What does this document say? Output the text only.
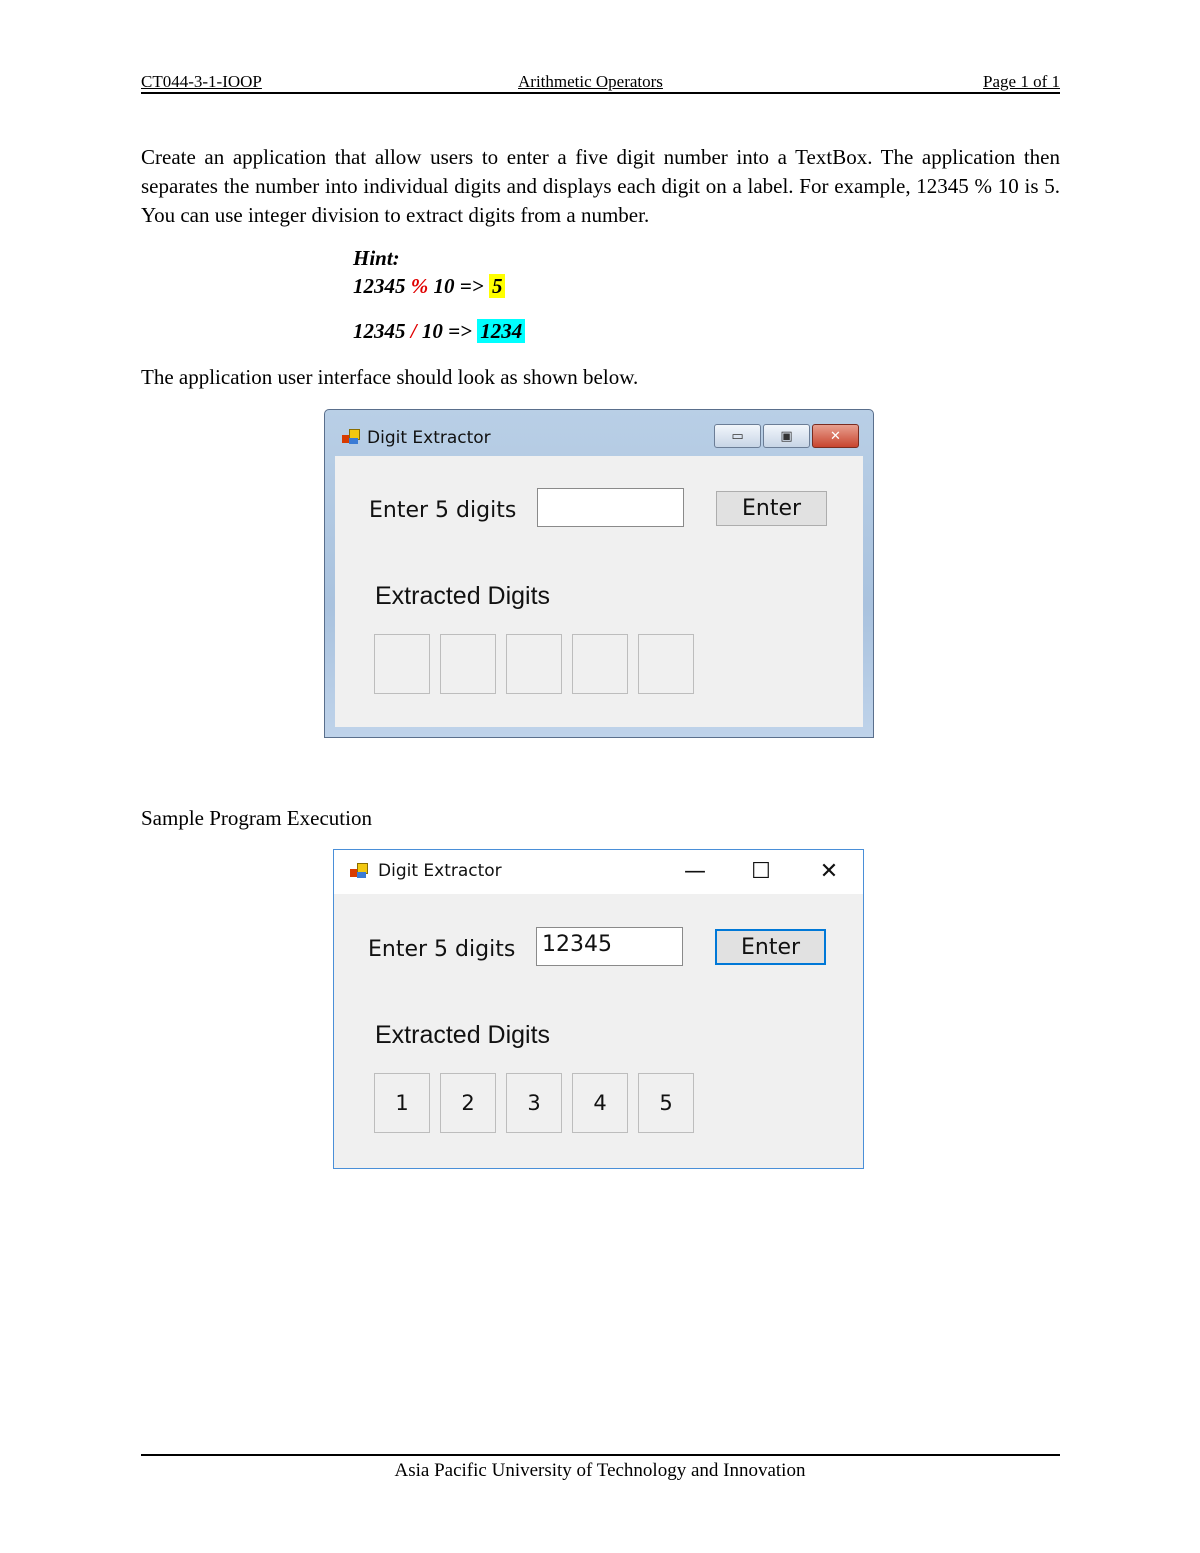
CT044-3-1-IOOP	Arithmetic Operators	Page 1 of 1
Create an application that allow users to enter a five digit number into a TextBox. The application then separates the number into individual digits and displays each digit on a label. For example, 12345 % 10 is 5. You can use integer division to extract digits from a number.
Hint:
12345 % 10 => 5
12345 / 10 => 1234
The application user interface should look as shown below.
Digit Extractor	▭	▣	✕
Enter 5 digits	Enter
Extracted Digits
Sample Program Execution
Digit Extractor	— ☐ ✕
Enter 5 digits 12345	Enter
Extracted Digits
1	2	3	4	5
Asia Pacific University of Technology and Innovation
